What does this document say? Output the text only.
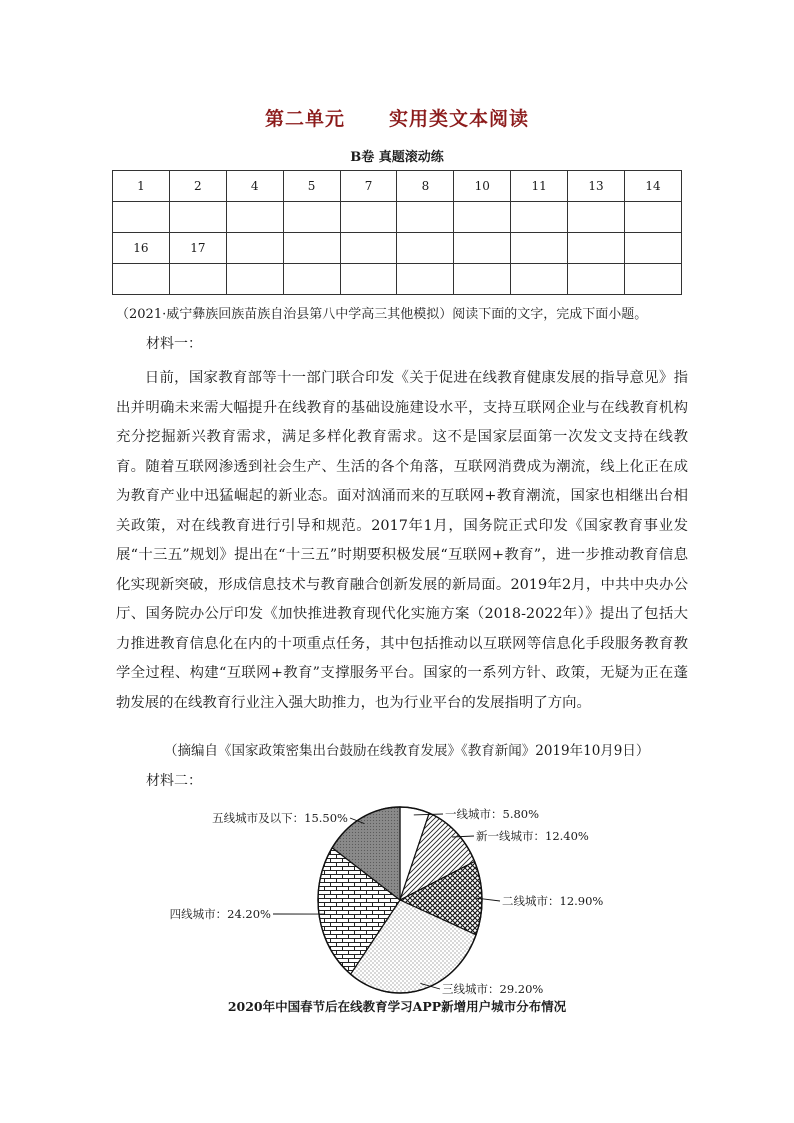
第二单元 实用类文本阅读
B卷 真题滚动练
1	2	4	5	7	8	10	11	13	14

16	17								

（2021·威宁彝族回族苗族自治县第八中学高三其他模拟）阅读下面的文字，完成下面小题。
材料一：

日前，国家教育部等十一部门联合印发《关于促进在线教育健康发展的指导意见》指出并明确未来需大幅提升在线教育的基础设施建设水平，支持互联网企业与在线教育机构充分挖掘新兴教育需求，满足多样化教育需求。这不是国家层面第一次发文支持在线教育。随着互联网渗透到社会生产、生活的各个角落，互联网消费成为潮流，线上化正在成为教育产业中迅猛崛起的新业态。面对汹涌而来的互联网+教育潮流，国家也相继出台相关政策，对在线教育进行引导和规范。2017年1月，国务院正式印发《国家教育事业发展“十三五”规划》提出在“十三五”时期要积极发展“互联网+教育”，进一步推动教育信息化实现新突破，形成信息技术与教育融合创新发展的新局面。2019年2月，中共中央办公厅、国务院办公厅印发《加快推进教育现代化实施方案（2018-2022年）》提出了包括大力推进教育信息化在内的十项重点任务，其中包括推动以互联网等信息化手段服务教育教学全过程、构建“互联网+教育”支撑服务平台。国家的一系列方针、政策，无疑为正在蓬勃发展的在线教育行业注入强大助推力，也为行业平台的发展指明了方向。

（摘编自《国家政策密集出台鼓励在线教育发展》《教育新闻》2019年10月9日）
材料二：
一线城市：5.80%
新一线城市：12.40%
二线城市：12.90%
三线城市：29.20%
四线城市：24.20%
五线城市及以下：15.50%
2020年中国春节后在线教育学习APP新增用户城市分布情况
